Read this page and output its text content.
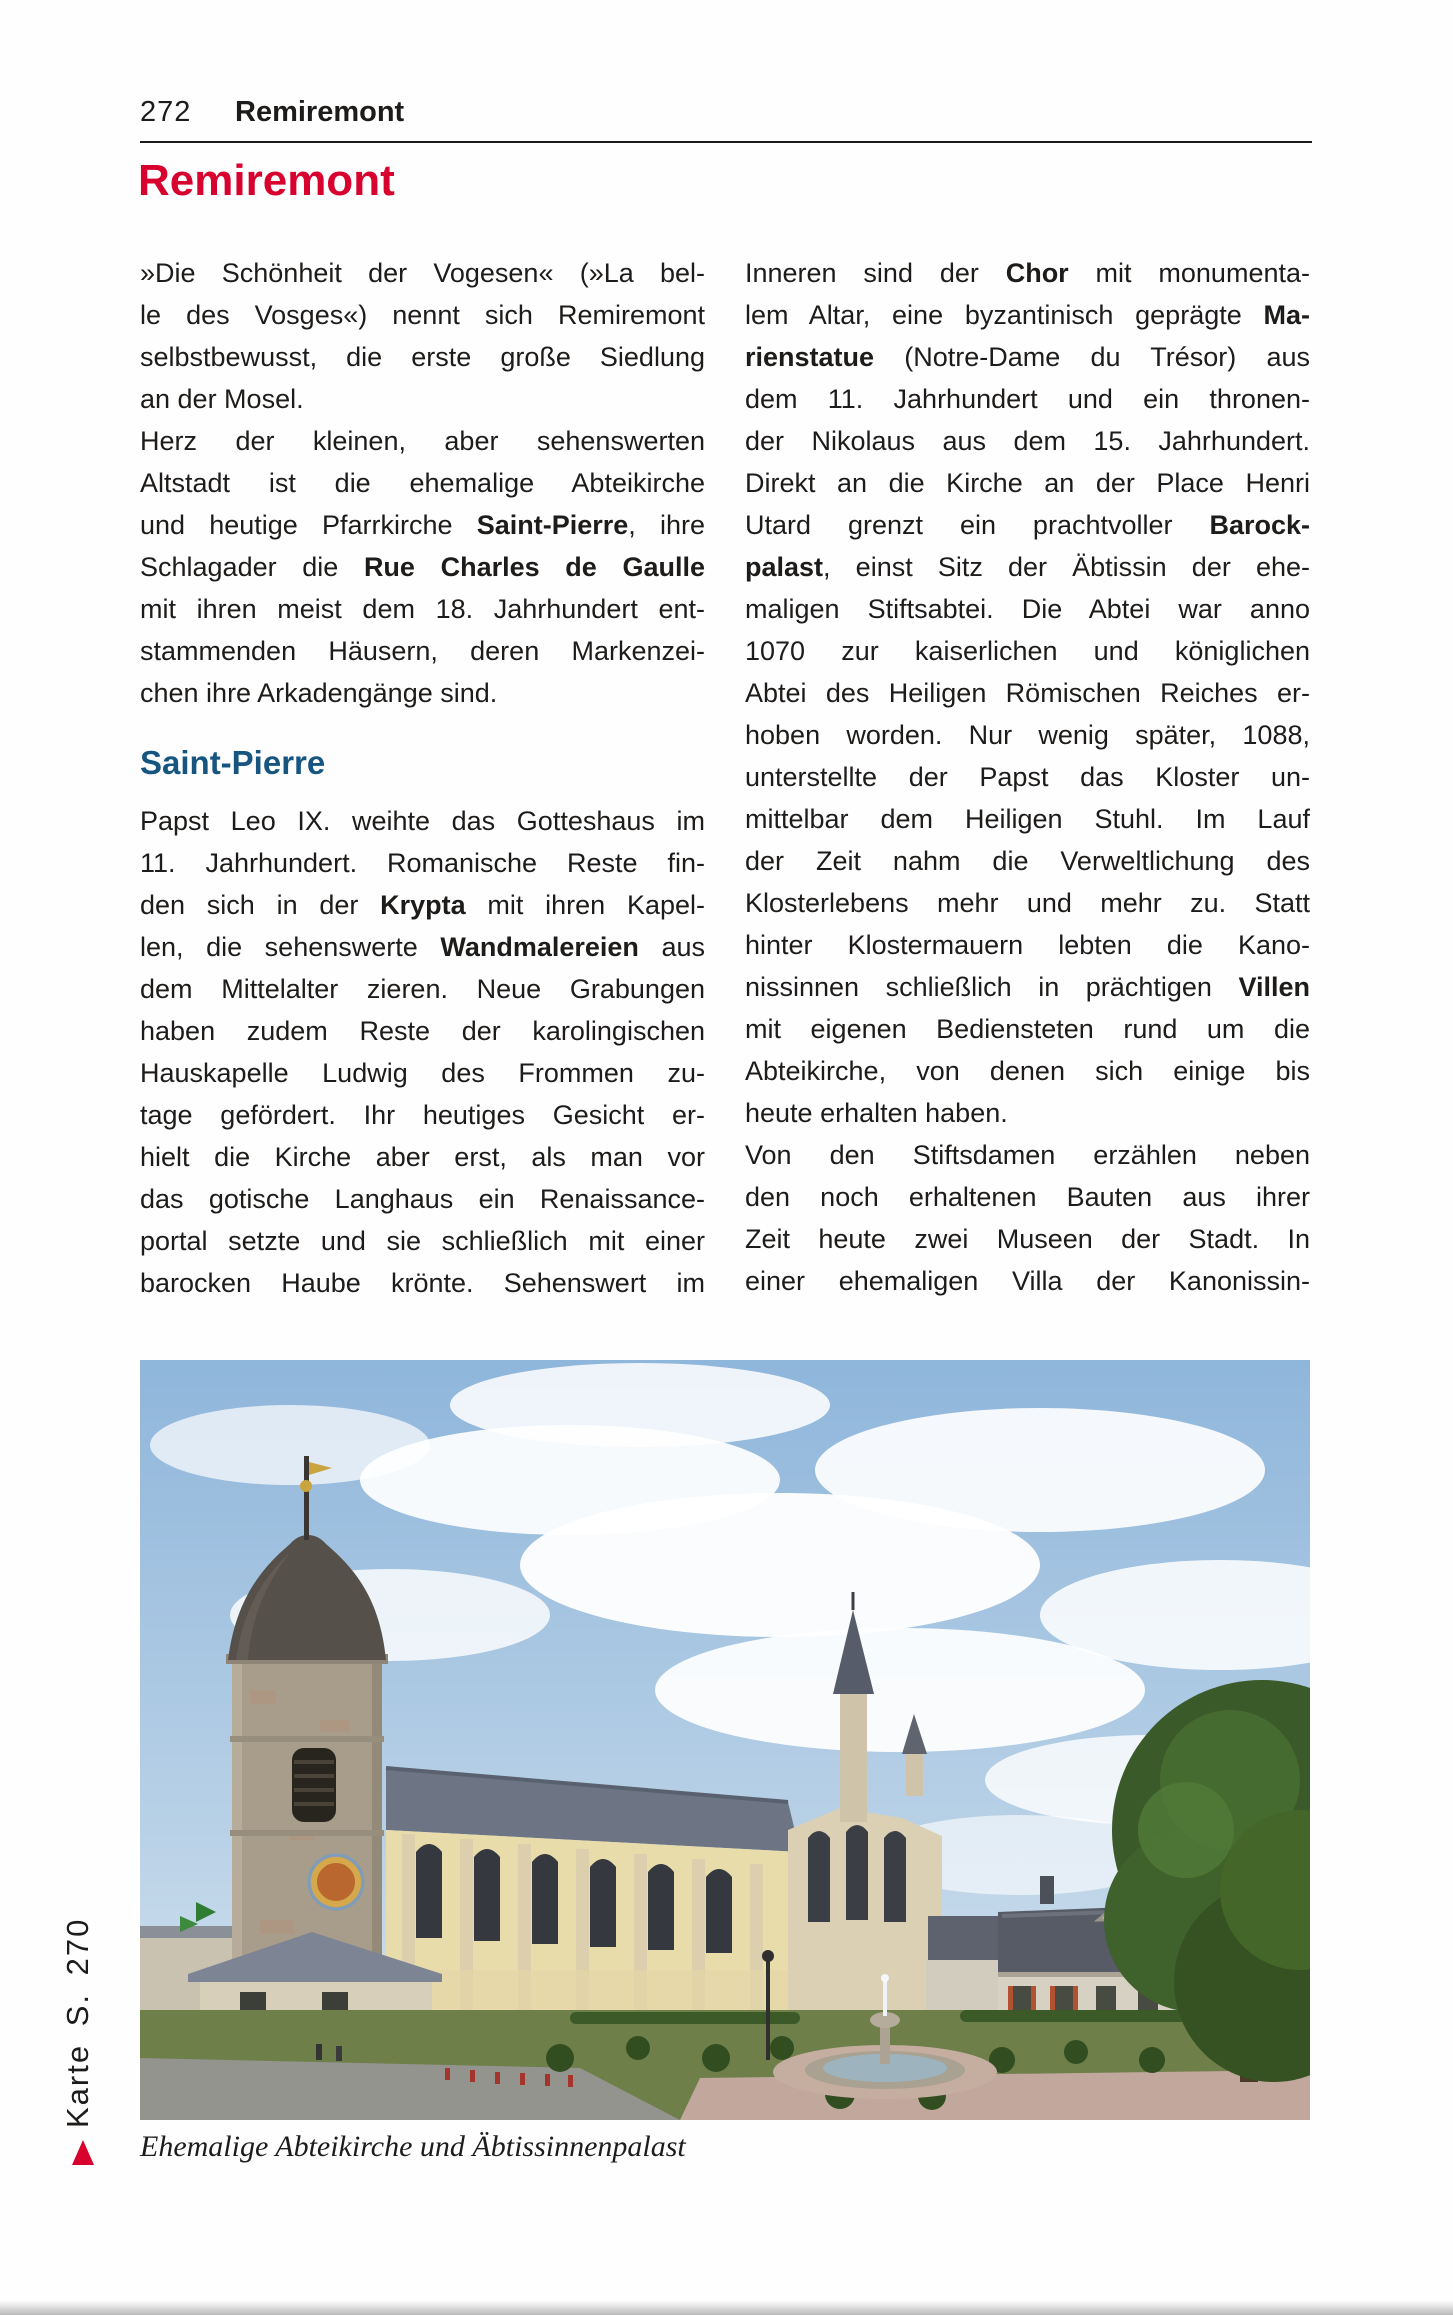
272 Remiremont
Remiremont
»Die Schönheit der Vogesen« (»La bel-
le des Vosges«) nennt sich Remiremont
selbstbewusst, die erste große Siedlung
an der Mosel.
Herz der kleinen, aber sehenswerten
Altstadt ist die ehemalige Abteikirche
und heutige Pfarrkirche Saint-Pierre, ihre
Schlagader die Rue Charles de Gaulle
mit ihren meist dem 18. Jahrhundert ent-
stammenden Häusern, deren Markenzei-
chen ihre Arkadengänge sind.
Saint-Pierre
Papst Leo IX. weihte das Gotteshaus im
11. Jahrhundert. Romanische Reste fin-
den sich in der Krypta mit ihren Kapel-
len, die sehenswerte Wandmalereien aus
dem Mittelalter zieren. Neue Grabungen
haben zudem Reste der karolingischen
Hauskapelle Ludwig des Frommen zu-
tage gefördert. Ihr heutiges Gesicht er-
hielt die Kirche aber erst, als man vor
das gotische Langhaus ein Renaissance-
portal setzte und sie schließlich mit einer
barocken Haube krönte. Sehenswert im
Inneren sind der Chor mit monumenta-
lem Altar, eine byzantinisch geprägte Ma-
rienstatue (Notre-Dame du Trésor) aus
dem 11. Jahrhundert und ein thronen-
der Nikolaus aus dem 15. Jahrhundert.
Direkt an die Kirche an der Place Henri
Utard grenzt ein prachtvoller Barock-
palast, einst Sitz der Äbtissin der ehe-
maligen Stiftsabtei. Die Abtei war anno
1070 zur kaiserlichen und königlichen
Abtei des Heiligen Römischen Reiches er-
hoben worden. Nur wenig später, 1088,
unterstellte der Papst das Kloster un-
mittelbar dem Heiligen Stuhl. Im Lauf
der Zeit nahm die Verweltlichung des
Klosterlebens mehr und mehr zu. Statt
hinter Klostermauern lebten die Kano-
nissinnen schließlich in prächtigen Villen
mit eigenen Bediensteten rund um die
Abteikirche, von denen sich einige bis
heute erhalten haben.
Von den Stiftsdamen erzählen neben
den noch erhaltenen Bauten aus ihrer
Zeit heute zwei Museen der Stadt. In
einer ehemaligen Villa der Kanonissin-
Ehemalige Abteikirche und Äbtissinnenpalast
Karte S. 270
